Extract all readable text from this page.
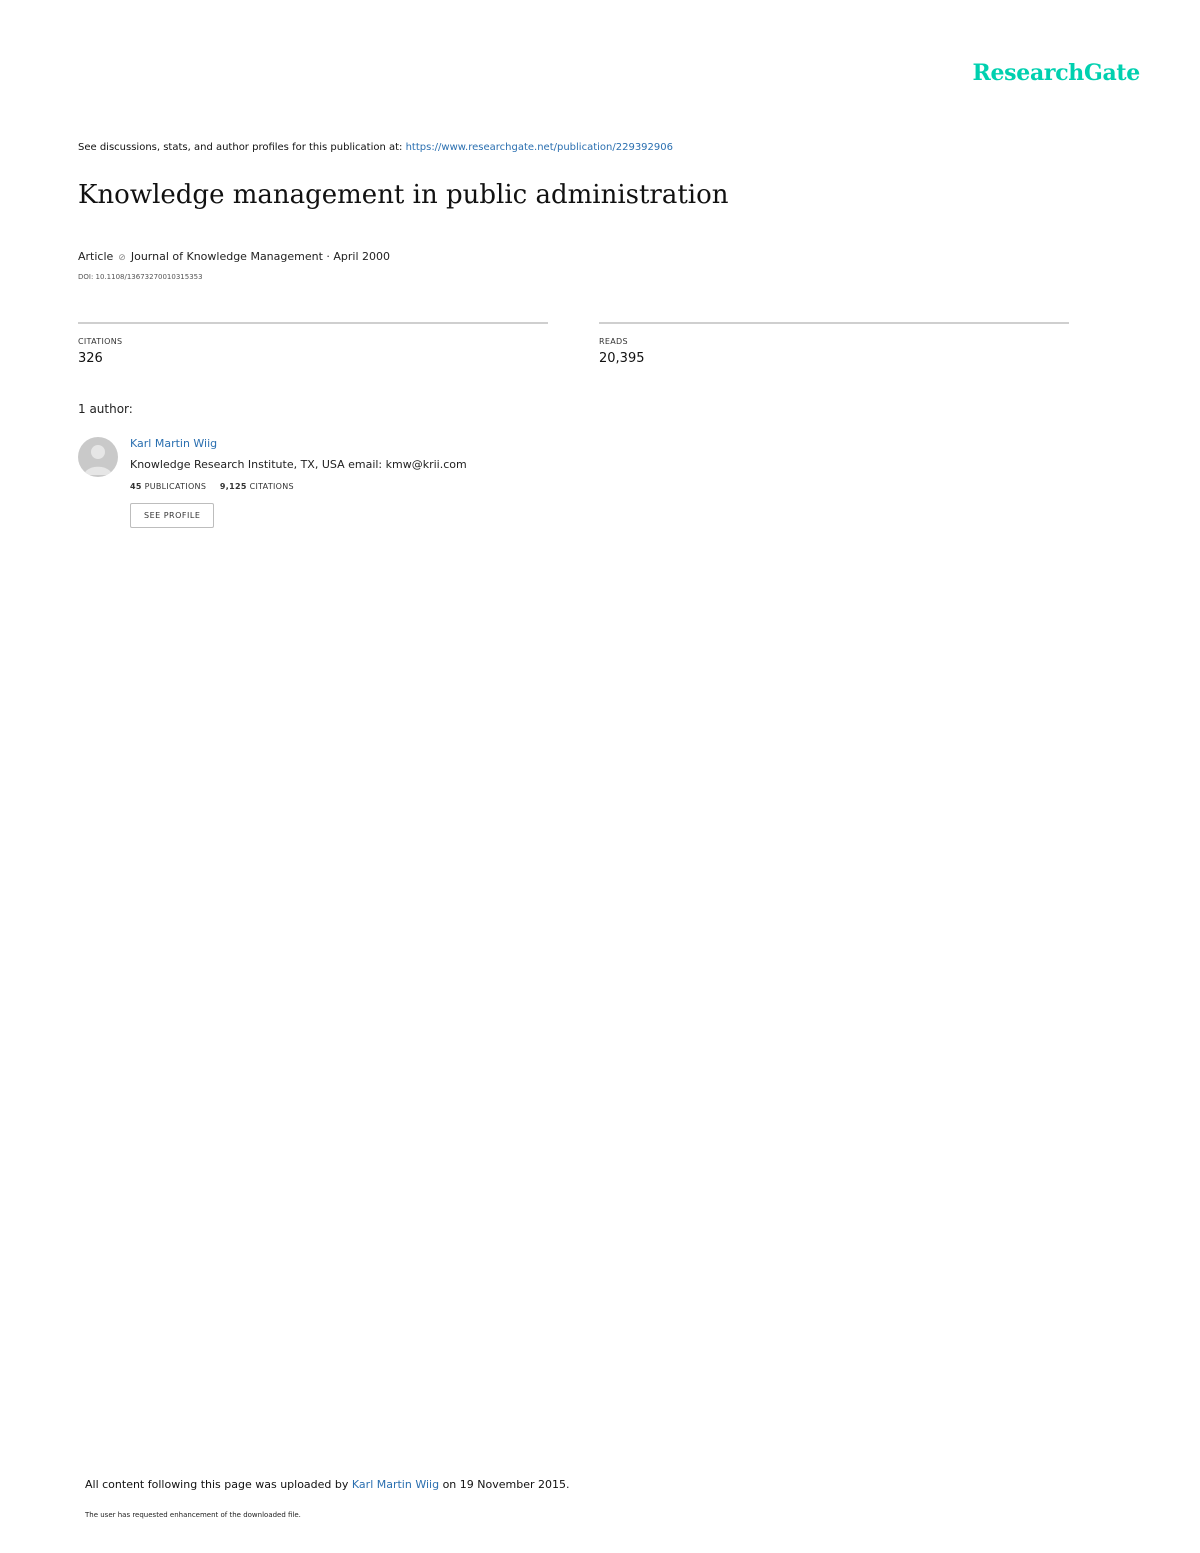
ResearchGate
See discussions, stats, and author profiles for this publication at: https://www.researchgate.net/publication/229392906
Knowledge management in public administration
Article ⊘ Journal of Knowledge Management · April 2000
DOI: 10.1108/13673270010315353
CITATIONS
326
READS
20,395
1 author:
Karl Martin Wiig
Knowledge Research Institute, TX, USA email: kmw@krii.com
45 PUBLICATIONS 9,125 CITATIONS
SEE PROFILE
All content following this page was uploaded by Karl Martin Wiig on 19 November 2015.
The user has requested enhancement of the downloaded file.
